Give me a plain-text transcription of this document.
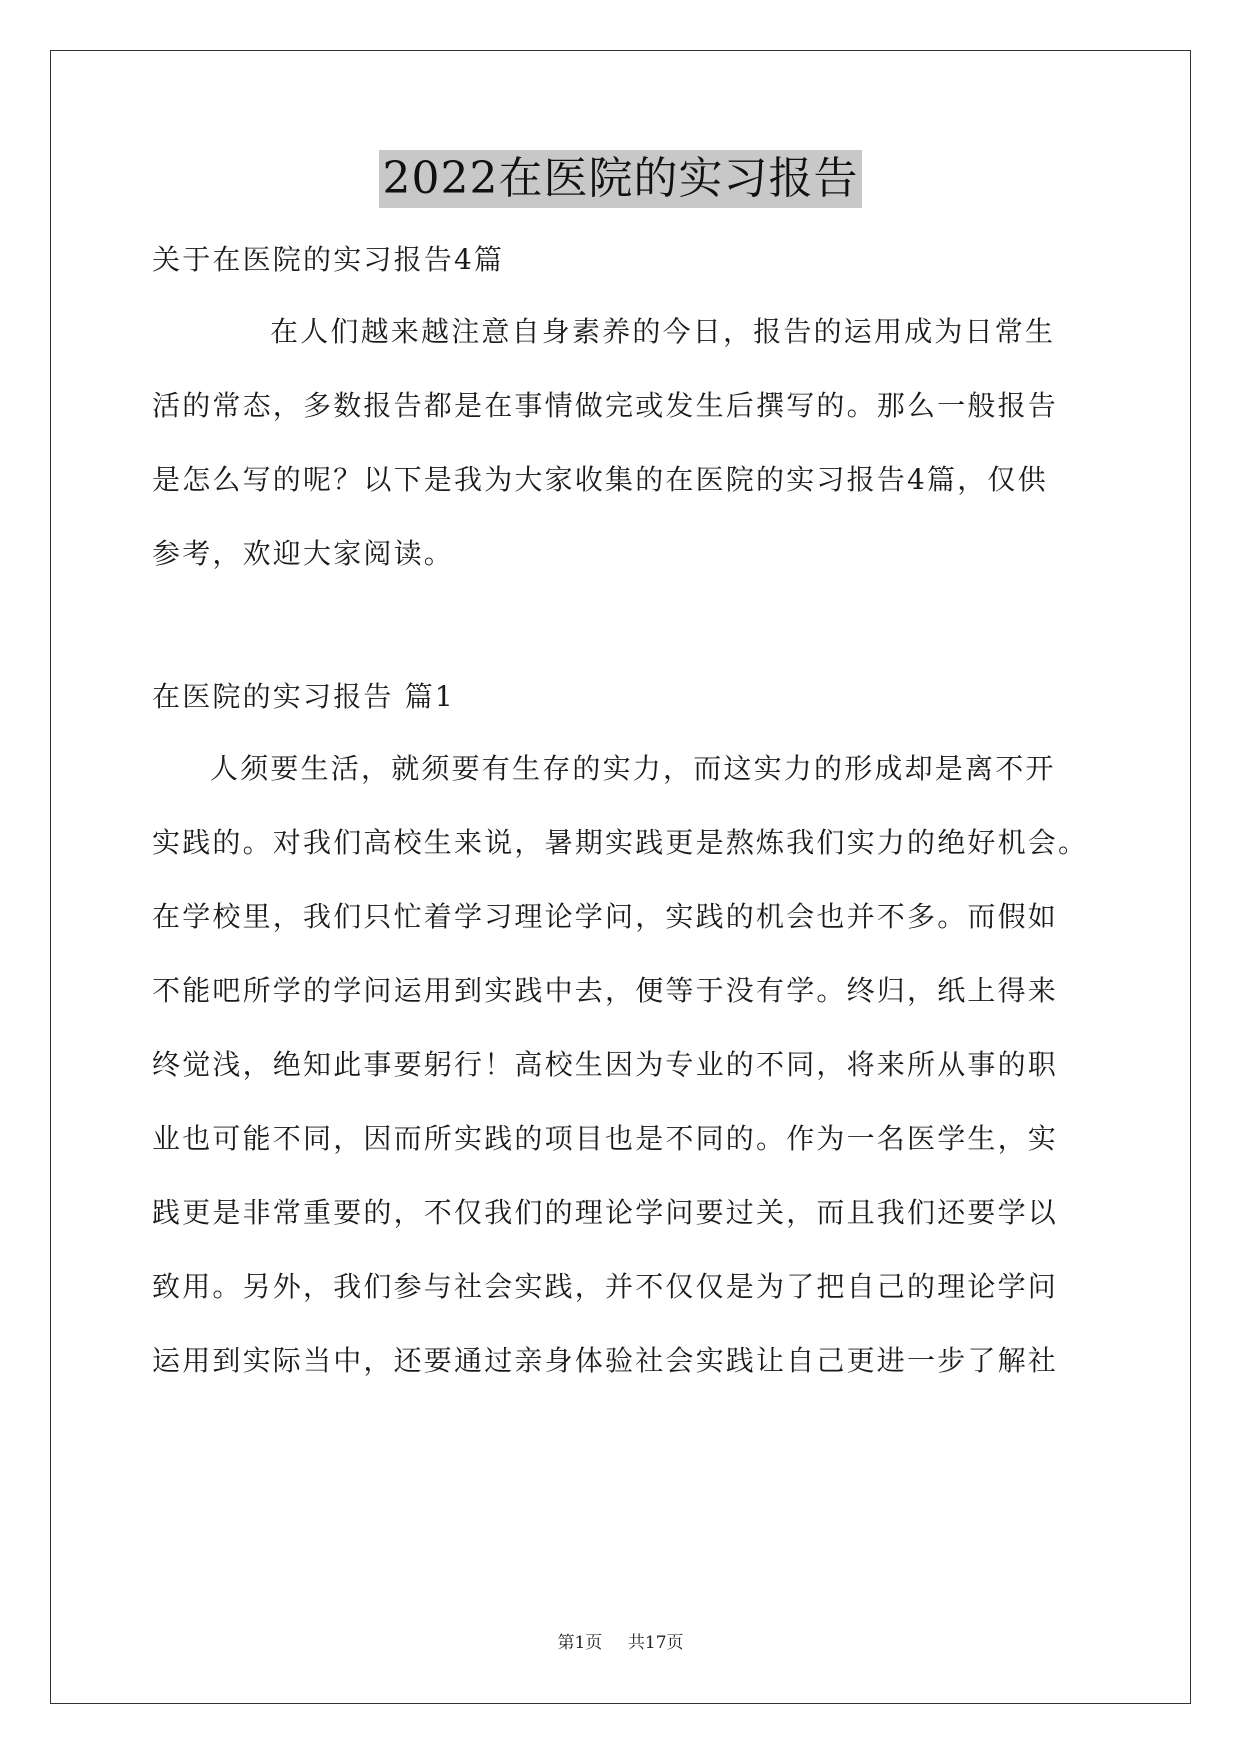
2022在医院的实习报告
关于在医院的实习报告4篇
在人们越来越注意自身素养的今日，报告的运用成为日常生
活的常态，多数报告都是在事情做完或发生后撰写的。那么一般报告
是怎么写的呢？以下是我为大家收集的在医院的实习报告4篇，仅供
参考，欢迎大家阅读。
在医院的实习报告 篇1
人须要生活，就须要有生存的实力，而这实力的形成却是离不开
实践的。对我们高校生来说，暑期实践更是熬炼我们实力的绝好机会。
在学校里，我们只忙着学习理论学问，实践的机会也并不多。而假如
不能吧所学的学问运用到实践中去，便等于没有学。终归，纸上得来
终觉浅，绝知此事要躬行！高校生因为专业的不同，将来所从事的职
业也可能不同，因而所实践的项目也是不同的。作为一名医学生，实
践更是非常重要的，不仅我们的理论学问要过关，而且我们还要学以
致用。另外，我们参与社会实践，并不仅仅是为了把自己的理论学问
运用到实际当中，还要通过亲身体验社会实践让自己更进一步了解社
第1页 共17页
